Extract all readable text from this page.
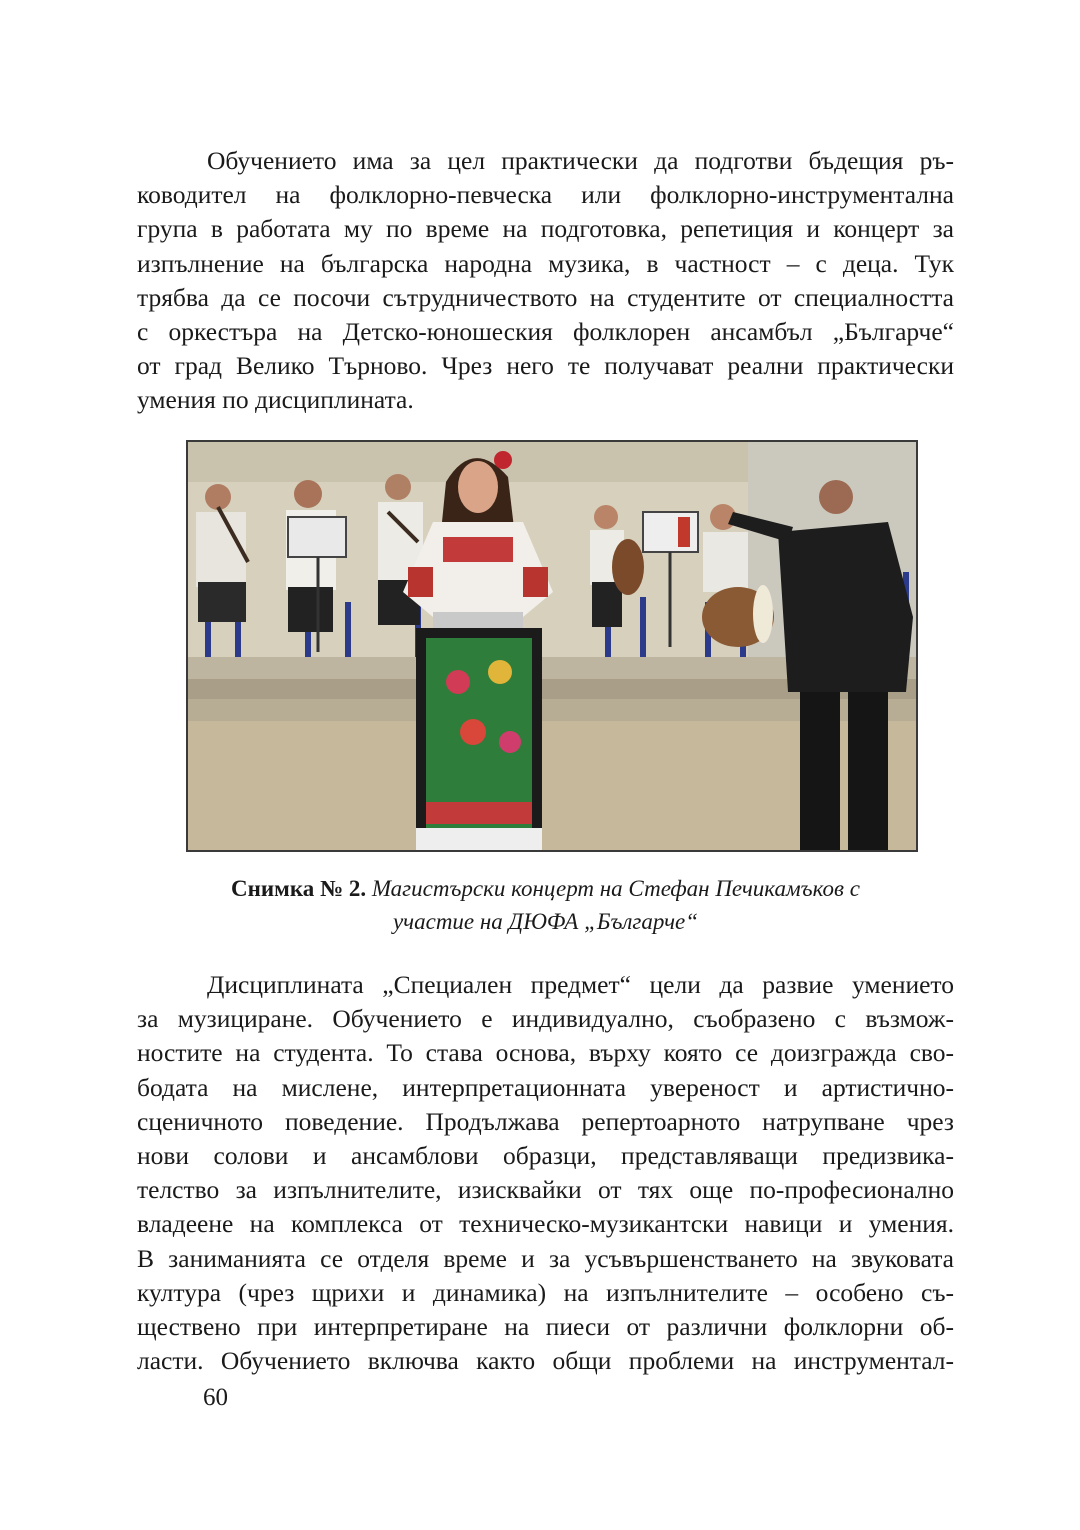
Обучението има за цел практически да подготви бъдещия ръ-
ководител на фолклорно-певческа или фолклорно-инструментална
група в работата му по време на подготовка, репетиция и концерт за
изпълнение на българска народна музика, в частност – с деца. Тук
трябва да се посочи сътрудничеството на студентите от специалността
с оркестъра на Детско-юношеския фолклорен ансамбъл „Българче“
от град Велико Търново. Чрез него те получават реални практически
умения по дисциплината.
Снимка № 2. Магистърски концерт на Стефан Печикамъков с
участие на ДЮФА „Българче“
Дисциплината „Специален предмет“ цели да развие умението
за музициране. Обучението е индивидуално, съобразено с възмож-
ностите на студента. То става основа, върху която се доизгражда сво-
бодата на мислене, интерпретационната увереност и артистично-
сценичното поведение. Продължава репертоарното натрупване чрез
нови солови и ансамблови образци, представляващи предизвика-
телство за изпълнителите, изисквайки от тях още по-професионално
владеене на комплекса от техническо-музикантски навици и умения.
В заниманията се отделя време и за усъвършенстването на звуковата
култура (чрез щрихи и динамика) на изпълнителите – особено съ-
ществено при интерпретиране на пиеси от различни фолклорни об-
ласти. Обучението включва както общи проблеми на инструментал-
60
